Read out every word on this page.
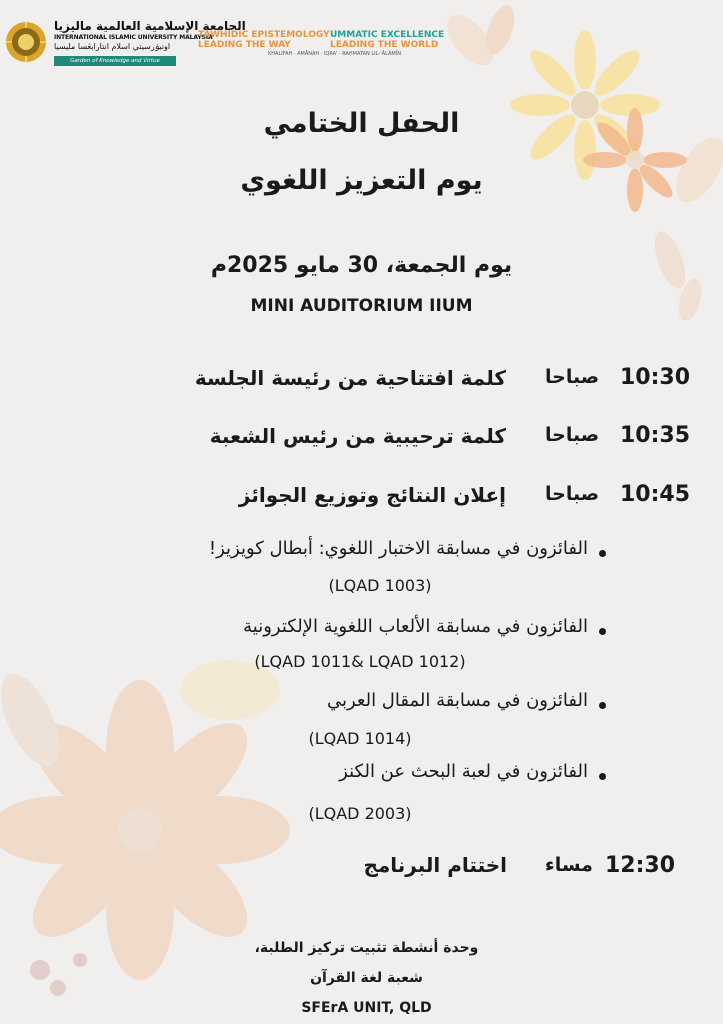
الجامعة الإسلامية العالمية ماليزيا
INTERNATIONAL ISLAMIC UNIVERSITY MALAYSIA
اونيۏرسيتي اسلام انتارابڠسا مليسيا
Garden of Knowledge and Virtue
TAWHIDIC EPISTEMOLOGY
LEADING THE WAY
UMMATIC EXCELLENCE
LEADING THE WORLD
KHALIFAH · AMĀNAH · IQRA' · RAḤMATAN LIL-ʿĀLAMĪN
الحفل الختامي
يوم التعزيز اللغوي
يوم الجمعة، 30 مايو 2025م
MINI AUDITORIUM IIUM
10:30
صباحا
كلمة افتتاحية من رئيسة الجلسة
10:35
صباحا
كلمة ترحيبية من رئيس الشعبة
10:45
صباحا
إعلان النتائج وتوزيع الجوائز
الفائزون في مسابقة الاختبار اللغوي: أبطال كويزيز!
(LQAD 1003)
الفائزون في مسابقة الألعاب اللغوية الإلكترونية
(LQAD 1011& LQAD 1012)
الفائزون في مسابقة المقال العربي
(LQAD 1014)
الفائزون في لعبة البحث عن الكنز
(LQAD 2003)
12:30
مساء
اختتام البرنامج
وحدة أنشطة تثبيت تركيز الطلبة،
شعبة لغة القرآن
SFErA UNIT, QLD
